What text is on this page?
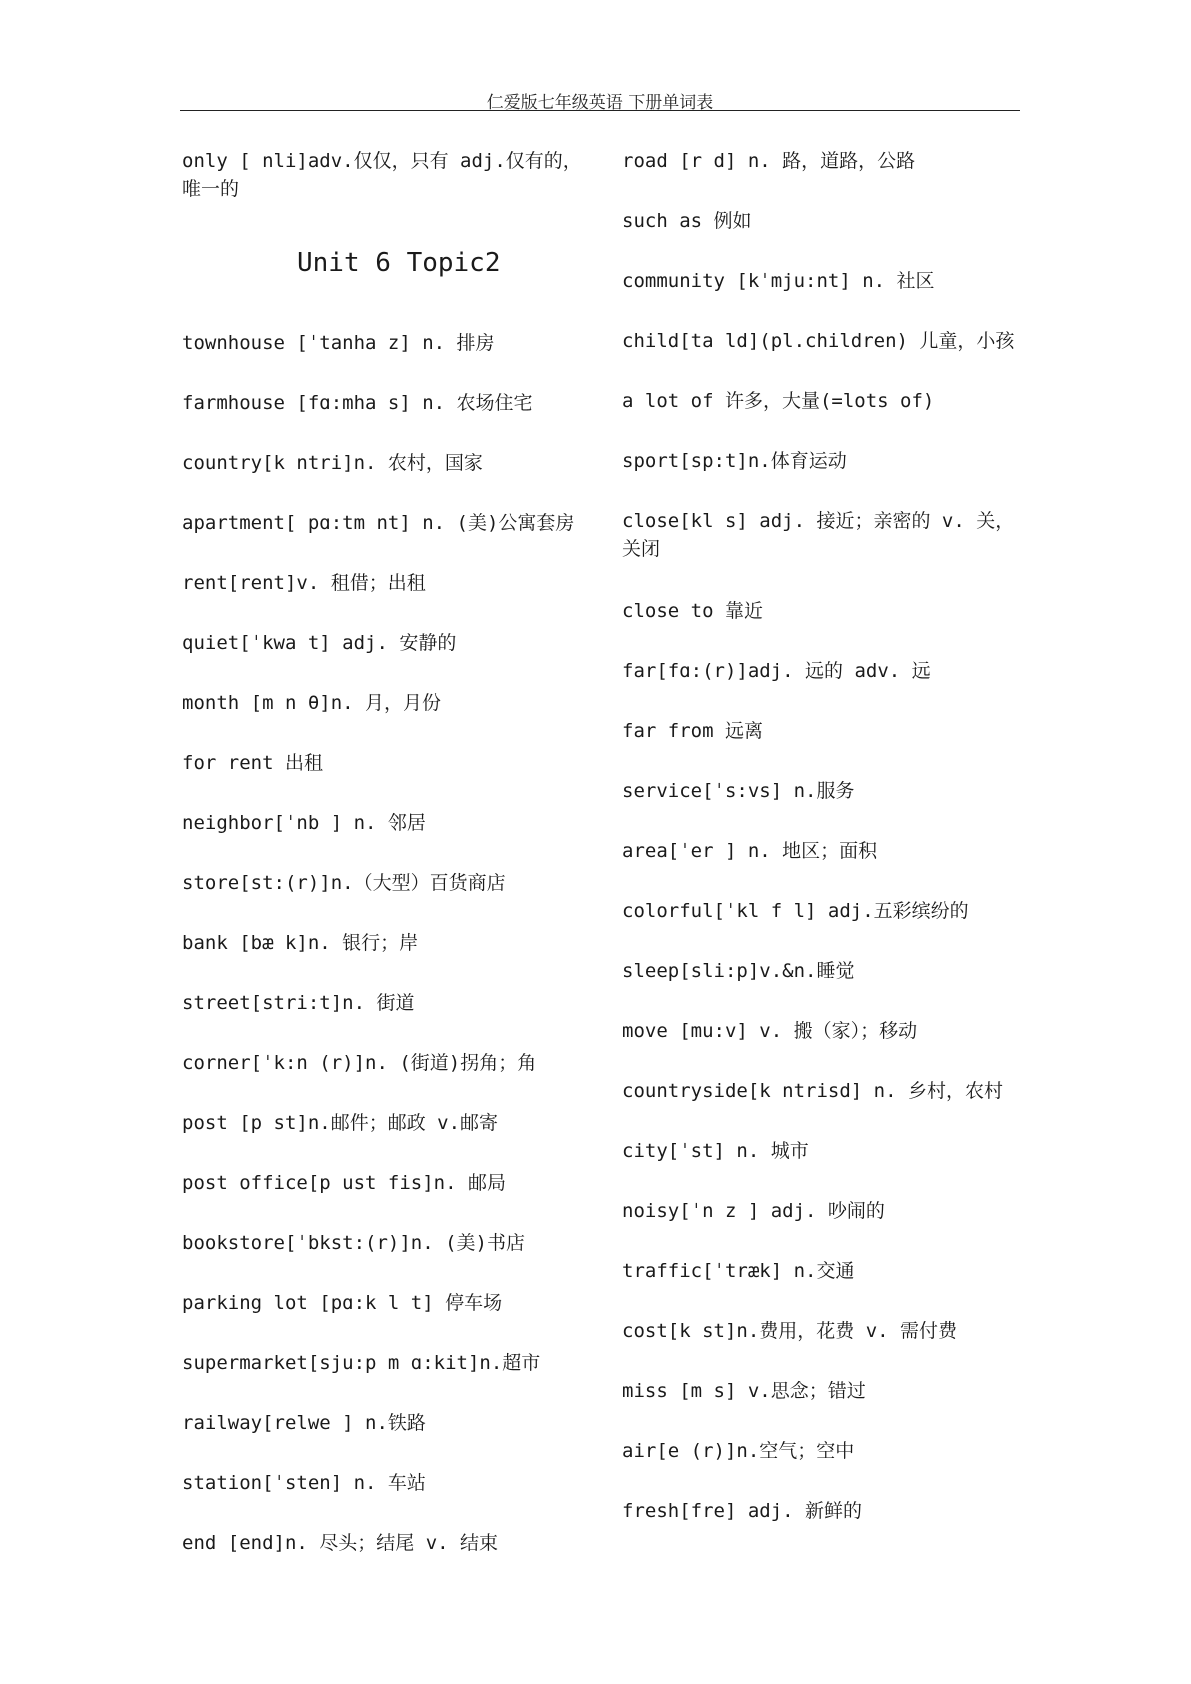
仁爱版七年级英语 下册单词表
only [ nli]adv.仅仅，只有 adj.仅有的，唯一的
Unit 6 Topic2
townhouse [ˈtanha z] n. 排房
farmhouse [fɑ:mha s] n. 农场住宅
country[k ntri]n. 农村，国家
apartment[ pɑ:tm nt] n. (美)公寓套房
rent[rent]v. 租借；出租
quiet[ˈkwa t] adj. 安静的
month [m n θ]n. 月，月份
for rent 出租
neighbor[ˈnb ] n. 邻居
store[st:(r)]n.（大型）百货商店
bank [bæ k]n. 银行；岸
street[stri:t]n. 街道
corner[ˈk:n (r)]n. (街道)拐角；角
post [p st]n.邮件；邮政 v.邮寄
post office[p ust fis]n. 邮局
bookstore[ˈbkst:(r)]n. (美)书店
parking lot [pɑ:k l t] 停车场
supermarket[sju:p m ɑ:kit]n.超市
railway[relwe ] n.铁路
station[ˈsten] n. 车站
end [end]n. 尽头；结尾 v. 结束
road [r d] n. 路，道路，公路
such as 例如
community [kˈmju:nt] n. 社区
child[ta ld](pl.children) 儿童，小孩
a lot of 许多，大量(=lots of)
sport[sp:t]n.体育运动
close[kl s] adj. 接近；亲密的 v. 关，关闭
close to 靠近
far[fɑ:(r)]adj. 远的 adv. 远
far from 远离
service[ˈs:vs] n.服务
area[ˈer ] n. 地区；面积
colorful[ˈkl f l] adj.五彩缤纷的
sleep[sli:p]v.&n.睡觉
move [mu:v] v. 搬（家）；移动
countryside[k ntrisd] n. 乡村，农村
city[ˈst] n. 城市
noisy[ˈn z ] adj. 吵闹的
traffic[ˈtræk] n.交通
cost[k st]n.费用，花费 v. 需付费
miss [m s] v.思念；错过
air[e (r)]n.空气；空中
fresh[fre] adj. 新鲜的
